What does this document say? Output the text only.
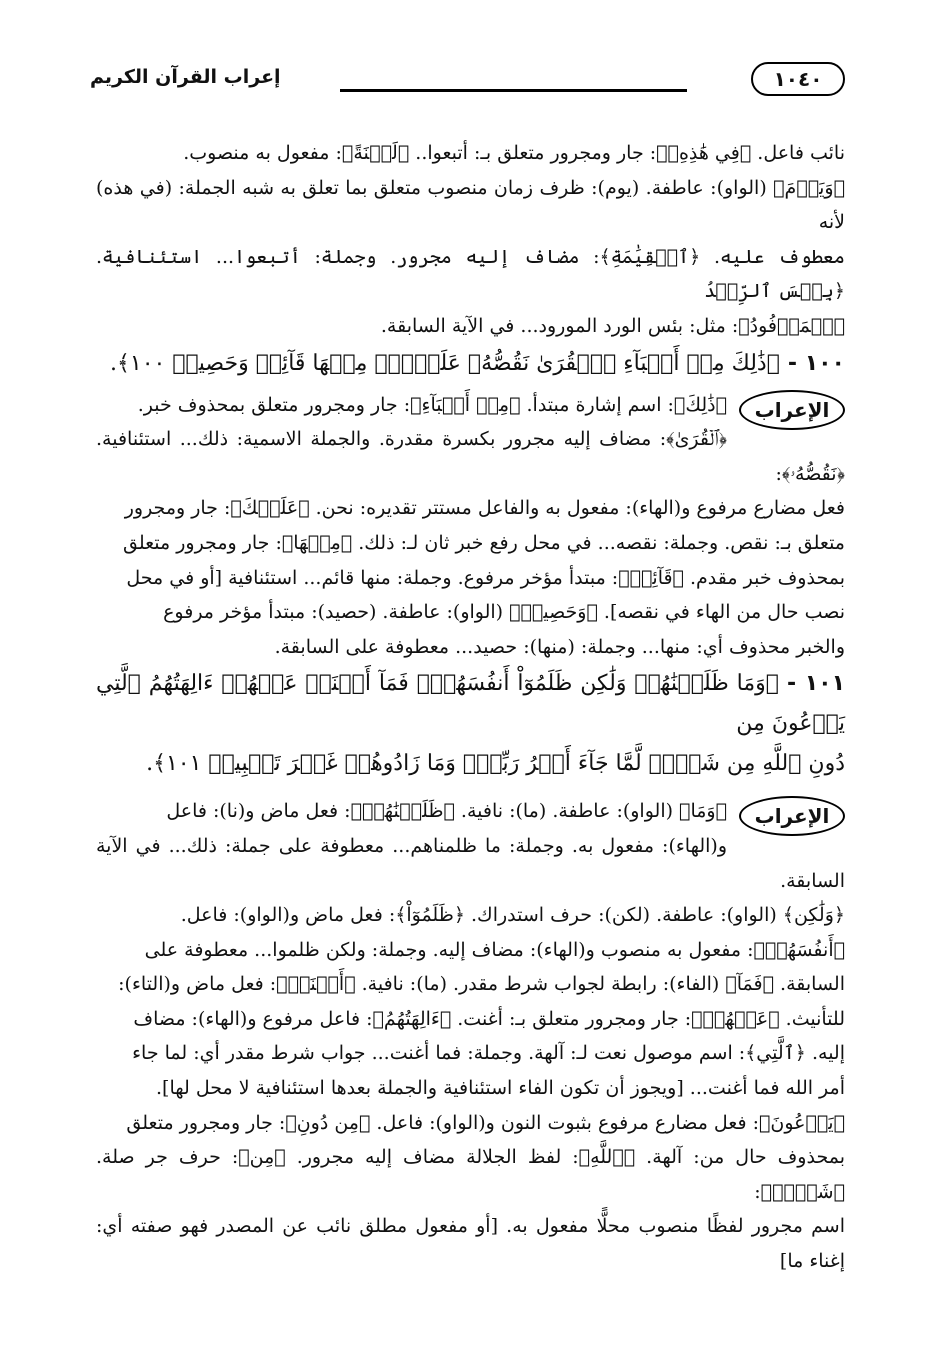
١٠٤٠
إعراب القرآن الكريم

نائب فاعل. ﴿فِي هَٰذِهِۦ﴾: جار ومجرور متعلق بـ: أتبعوا.. ﴿لَعۡنَةً﴾: مفعول به منصوب.

﴿وَيَوۡمَ﴾ (الواو): عاطفة. (يوم): ظرف زمان منصوب متعلق بما تعلق به شبه الجملة: (في هذه) لأنه

معطوف عليه. ﴿ٱلۡقِيَٰمَةِ﴾: مضاف إليه مجرور. وجملة: أتبعوا... استئنافية. ﴿بِئۡسَ ٱلرِّفۡدُ

ٱلۡمَرۡفُودُ﴾: مثل: بئس الورد المورود... في الآية السابقة.

١٠٠ -﴿ذَٰلِكَ مِنۡ أَنۢبَآءِ ٱلۡقُرَىٰ نَقُصُّهُۥ عَلَيۡكَۖ مِنۡهَا قَآئِمٞ وَحَصِيدٞ ١٠٠﴾.

الإعراب

﴿ذَٰلِكَ﴾: اسم إشارة مبتدأ. ﴿مِنۡ أَنۢبَآءِ﴾: جار ومجرور متعلق بمحذوف خبر.

﴿ٱلۡقُرَىٰ﴾: مضاف إليه مجرور بكسرة مقدرة. والجملة الاسمية: ذلك... استئنافية. ﴿نَقُصُّهُۥ﴾:

فعل مضارع مرفوع و(الهاء): مفعول به والفاعل مستتر تقديره: نحن. ﴿عَلَيۡكَ﴾: جار ومجرور

متعلق بـ: نقص. وجملة: نقصه... في محل رفع خبر ثان لـ: ذلك. ﴿مِنۡهَا﴾: جار ومجرور متعلق

بمحذوف خبر مقدم. ﴿قَآئِمٞ﴾: مبتدأ مؤخر مرفوع. وجملة: منها قائم... استئنافية [أو في محل

نصب حال من الهاء في نقصه]. ﴿وَحَصِيدٞ﴾ (الواو): عاطفة. (حصيد): مبتدأ مؤخر مرفوع

والخبر محذوف أي: منها... وجملة: (منها): حصيد... معطوفة على السابقة.

١٠١ -﴿وَمَا ظَلَمۡنَٰهُمۡ وَلَٰكِن ظَلَمُوٓاْ أَنفُسَهُمۡۖ فَمَآ أَغۡنَتۡ عَنۡهُمۡ ءَالِهَتُهُمُ ٱلَّتِي يَدۡعُونَ مِن

دُونِ ٱللَّهِ مِن شَيۡءٖ لَّمَّا جَآءَ أَمۡرُ رَبِّكَۖ وَمَا زَادُوهُمۡ غَيۡرَ تَتۡبِيبٖ ١٠١﴾.

الإعراب

﴿وَمَا﴾ (الواو): عاطفة. (ما): نافية. ﴿ظَلَمۡنَٰهُمۡ﴾: فعل ماض و(نا): فاعل

و(الهاء): مفعول به. وجملة: ما ظلمناهم... معطوفة على جملة: ذلك... في الآية السابقة.

﴿وَلَٰكِن﴾ (الواو): عاطفة. (لكن): حرف استدراك. ﴿ظَلَمُوٓاْ﴾: فعل ماض و(الواو): فاعل.

﴿أَنفُسَهُمۡ﴾: مفعول به منصوب و(الهاء): مضاف إليه. وجملة: ولكن ظلموا... معطوفة على

السابقة. ﴿فَمَآ﴾ (الفاء): رابطة لجواب شرط مقدر. (ما): نافية. ﴿أَغۡنَتۡ﴾: فعل ماض و(التاء):

للتأنيث. ﴿عَنۡهُمۡ﴾: جار ومجرور متعلق بـ: أغنت. ﴿ءَالِهَتُهُمُ﴾: فاعل مرفوع و(الهاء): مضاف

إليه. ﴿ٱلَّتِي﴾: اسم موصول نعت لـ: آلهة. وجملة: فما أغنت... جواب شرط مقدر أي: لما جاء

أمر الله فما أغنت... [ويجوز أن تكون الفاء استئنافية والجملة بعدها استئنافية لا محل لها].

﴿يَدۡعُونَ﴾: فعل مضارع مرفوع بثبوت النون و(الواو): فاعل. ﴿مِن دُونِ﴾: جار ومجرور متعلق

بمحذوف حال من: آلهة. ﴿ٱللَّهِ﴾: لفظ الجلالة مضاف إليه مجرور. ﴿مِن﴾: حرف جر صلة. ﴿شَيۡءٖ﴾:

اسم مجرور لفظًا منصوب محلًّا مفعول به. [أو مفعول مطلق نائب عن المصدر فهو صفته أي: إغناء ما]
